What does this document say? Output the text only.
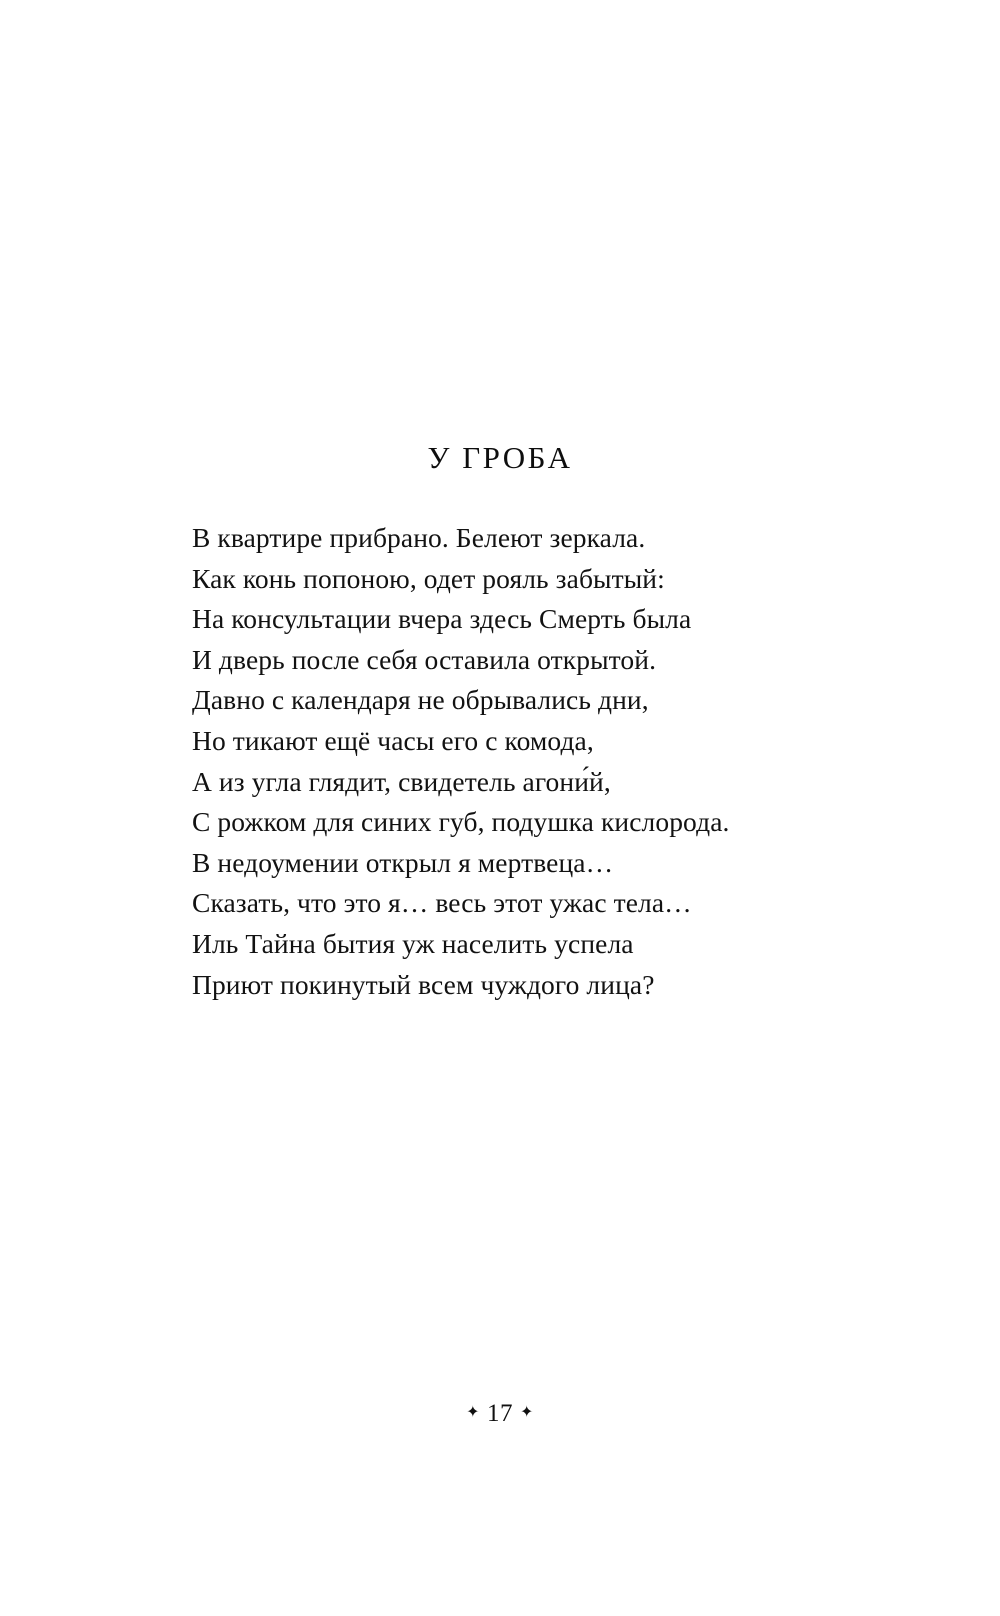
У ГРОБА
В квартире прибрано. Белеют зеркала.
Как конь попоною, одет рояль забытый:
На консультации вчера здесь Смерть была
И дверь после себя оставила открытой.
Давно с календаря не обрывались дни,
Но тикают ещё часы его с комода,
А из угла глядит, свидетель агони́й,
С рожком для синих губ, подушка кислорода.
В недоумении открыл я мертвеца…
Сказать, что это я… весь этот ужас тела…
Иль Тайна бытия уж населить успела
Приют покинутый всем чуждого лица?
✦ 17 ✦
